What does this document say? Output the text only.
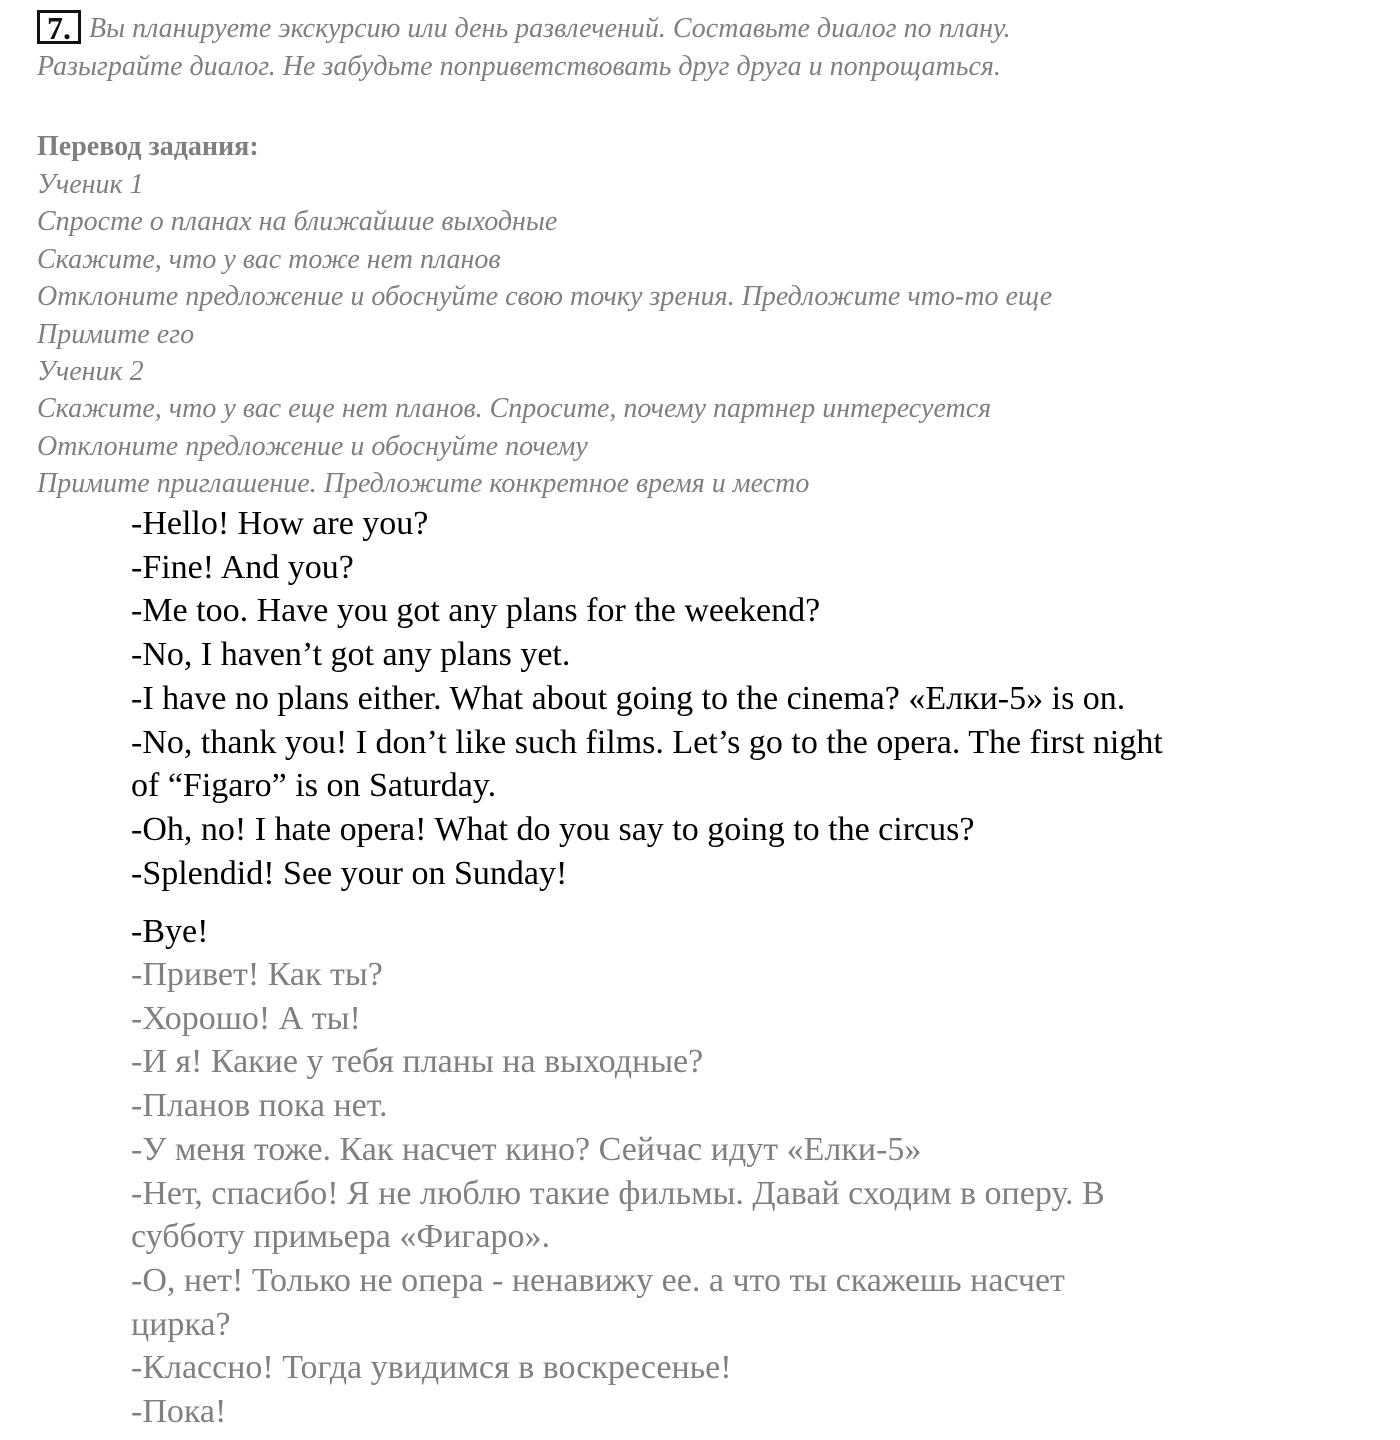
7. Вы планируете экскурсию или день развлечений. Составьте диалог по плану.
Разыграйте диалог. Не забудьте поприветствовать друг друга и попрощаться.
Перевод задания:
Ученик 1
Спросте о планах на ближайшие выходные
Скажите, что у вас тоже нет планов
Отклоните предложение и обоснуйте свою точку зрения. Предложите что-то еще
Примите его
Ученик 2
Скажите, что у вас еще нет планов. Спросите, почему партнер интересуется
Отклоните предложение и обоснуйте почему
Примите приглашение. Предложите конкретное время и место
-Hello! How are you?
-Fine! And you?
-Me too. Have you got any plans for the weekend?
-No, I haven’t got any plans yet.
-I have no plans either. What about going to the cinema? «Елки-5» is on.
-No, thank you! I don’t like such films. Let’s go to the opera. The first night
of “Figaro” is on Saturday.
-Oh, no! I hate opera! What do you say to going to the circus?
-Splendid! See your on Sunday!
-Bye!
-Привет! Как ты?
-Хорошо! А ты!
-И я! Какие у тебя планы на выходные?
-Планов пока нет.
-У меня тоже. Как насчет кино? Сейчас идут «Елки-5»
-Нет, спасибо! Я не люблю такие фильмы. Давай сходим в оперу. В
субботу примьера «Фигаро».
-О, нет! Только не опера - ненавижу ее. а что ты скажешь насчет
цирка?
-Классно! Тогда увидимся в воскресенье!
-Пока!
